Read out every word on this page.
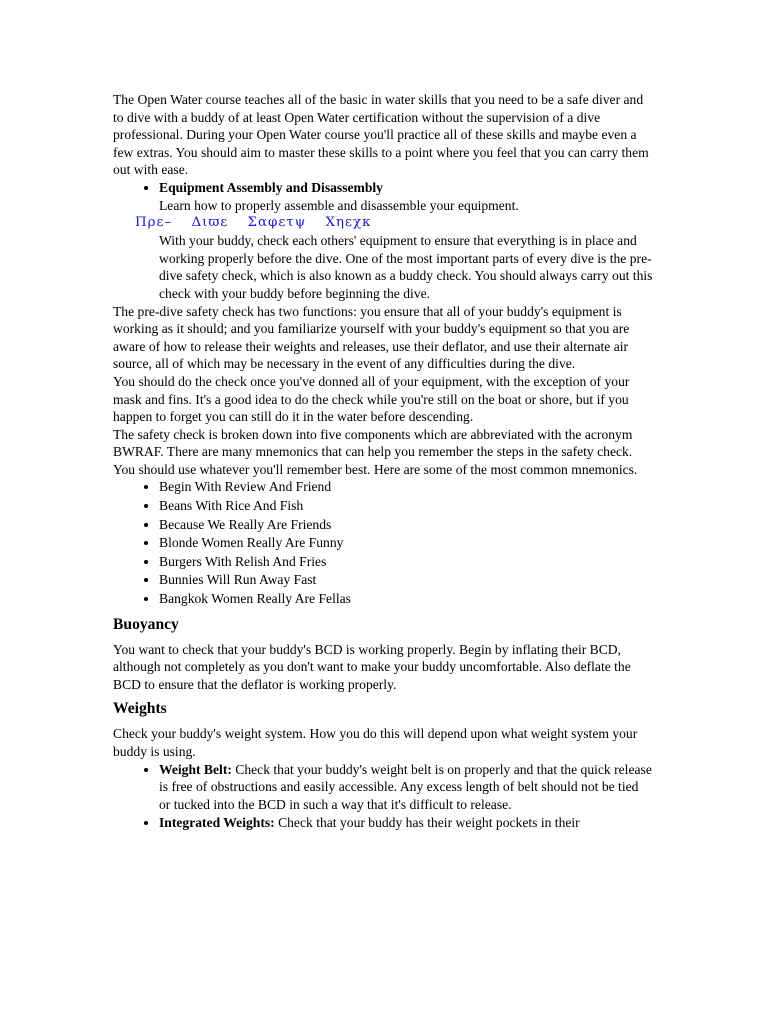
The Open Water course teaches all of the basic in water skills that you need to be a safe diver and to dive with a buddy of at least Open Water certification without the supervision of a dive professional. During your Open Water course you'll practice all of these skills and maybe even a few extras. You should aim to master these skills to a point where you feel that you can carry them out with ease.

• Equipment Assembly and Disassembly

Learn how to properly assemble and disassemble your equipment.

Πρε– Διϖε Σαφετψ Χηεχκ

With your buddy, check each others' equipment to ensure that everything is in place and working properly before the dive. One of the most important parts of every dive is the pre-dive safety check, which is also known as a buddy check. You should always carry out this check with your buddy before beginning the dive.

The pre-dive safety check has two functions: you ensure that all of your buddy's equipment is working as it should; and you familiarize yourself with your buddy's equipment so that you are aware of how to release their weights and releases, use their deflator, and use their alternate air source, all of which may be necessary in the event of any difficulties during the dive.

You should do the check once you've donned all of your equipment, with the exception of your mask and fins. It's a good idea to do the check while you're still on the boat or shore, but if you happen to forget you can still do it in the water before descending.

The safety check is broken down into five components which are abbreviated with the acronym BWRAF. There are many mnemonics that can help you remember the steps in the safety check. You should use whatever you'll remember best. Here are some of the most common mnemonics.

• Begin With Review And Friend
• Beans With Rice And Fish
• Because We Really Are Friends
• Blonde Women Really Are Funny
• Burgers With Relish And Fries
• Bunnies Will Run Away Fast
• Bangkok Women Really Are Fellas
Buoyancy

You want to check that your buddy's BCD is working properly. Begin by inflating their BCD, although not completely as you don't want to make your buddy uncomfortable. Also deflate the BCD to ensure that the deflator is working properly.

Weights

Check your buddy's weight system. How you do this will depend upon what weight system your buddy is using.

• Weight Belt: Check that your buddy's weight belt is on properly and that the quick release is free of obstructions and easily accessible. Any excess length of belt should not be tied or tucked into the BCD in such a way that it's difficult to release.
• Integrated Weights: Check that your buddy has their weight pockets in their
